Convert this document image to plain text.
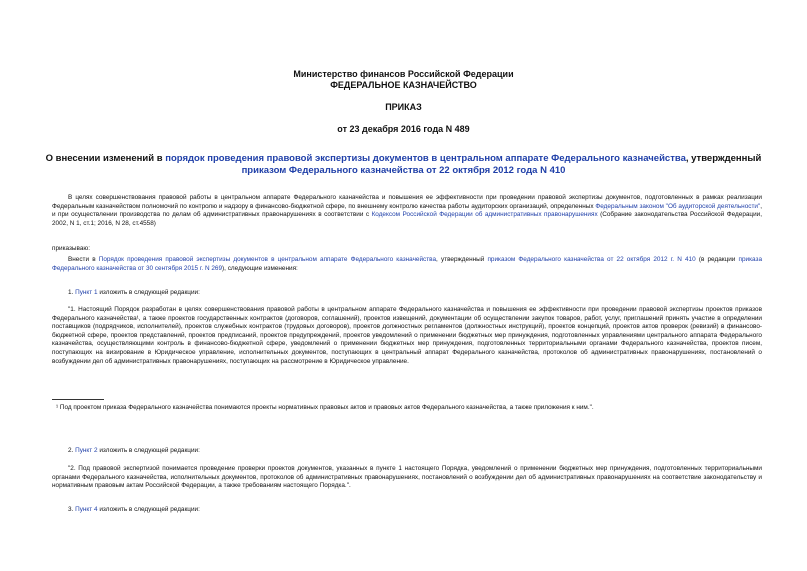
Министерство финансов Российской Федерации
ФЕДЕРАЛЬНОЕ КАЗНАЧЕЙСТВО
ПРИКАЗ
от 23 декабря 2016 года N 489
О внесении изменений в порядок проведения правовой экспертизы документов в центральном аппарате Федерального казначейства, утвержденный приказом Федерального казначейства от 22 октября 2012 года N 410
В целях совершенствования правовой работы в центральном аппарате Федерального казначейства и повышения ее эффективности при проведении правовой экспертизы документов, подготовленных в рамках реализации Федеральным казначейством полномочий по контролю и надзору в финансово-бюджетной сфере, по внешнему контролю качества работы аудиторских организаций, определенных Федеральным законом "Об аудиторской деятельности", и при осуществлении производства по делам об административных правонарушениях в соответствии с Кодексом Российской Федерации об административных правонарушениях (Собрание законодательства Российской Федерации, 2002, N 1, ст.1; 2016, N 28, ст.4558)
приказываю:
Внести в Порядок проведения правовой экспертизы документов в центральном аппарате Федерального казначейства, утвержденный приказом Федерального казначейства от 22 октября 2012 г. N 410 (в редакции приказа Федерального казначейства от 30 сентября 2015 г. N 269), следующие изменения:
1. Пункт 1 изложить в следующей редакции:
"1. Настоящий Порядок разработан в целях совершенствования правовой работы в центральном аппарате Федерального казначейства и повышения ее эффективности при проведении правовой экспертизы проектов приказов Федерального казначейства¹, а также проектов государственных контрактов (договоров, соглашений), проектов извещений, документации об осуществлении закупок товаров, работ, услуг, приглашений принять участие в определении поставщиков (подрядчиков, исполнителей), проектов служебных контрактов (трудовых договоров), проектов должностных регламентов (должностных инструкций), проектов концепций, проектов актов проверок (ревизий) в финансово-бюджетной сфере, проектов представлений, проектов предписаний, проектов предупреждений, проектов уведомлений о применении бюджетных мер принуждения, подготовленных управлениями центрального аппарата Федерального казначейства, осуществляющими контроль в финансово-бюджетной сфере, уведомлений о применении бюджетных мер принуждения, подготовленных территориальными органами Федерального казначейства, проектов писем, поступающих на визирование в Юридическое управление, исполнительных документов, поступающих в центральный аппарат Федерального казначейства, протоколов об административных правонарушениях, постановлений о возбуждении дел об административных правонарушениях, поступающих на рассмотрение в Юридическое управление.
¹ Под проектом приказа Федерального казначейства понимаются проекты нормативных правовых актов и правовых актов Федерального казначейства, а также приложения к ним.".
2. Пункт 2 изложить в следующей редакции:
"2. Под правовой экспертизой понимается проведение проверки проектов документов, указанных в пункте 1 настоящего Порядка, уведомлений о применении бюджетных мер принуждения, подготовленных территориальными органами Федерального казначейства, исполнительных документов, протоколов об административных правонарушениях, постановлений о возбуждении дел об административных правонарушениях на соответствие законодательству и нормативным правовым актам Российской Федерации, а также требованиям настоящего Порядка.".
3. Пункт 4 изложить в следующей редакции:
